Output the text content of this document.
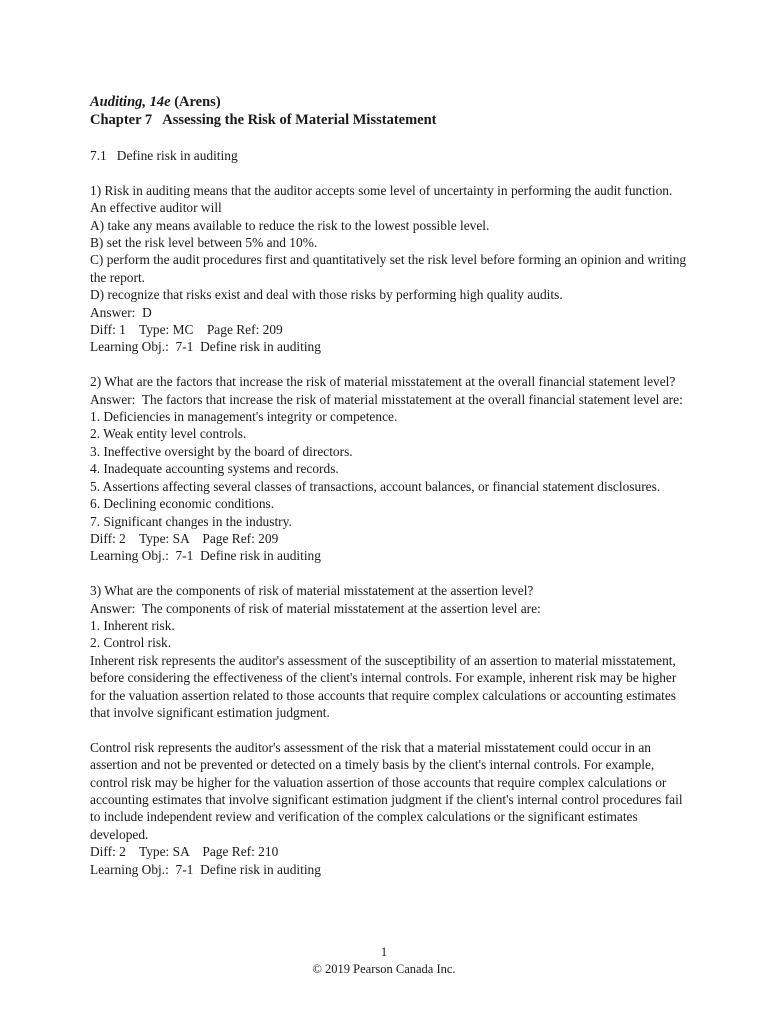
Auditing, 14e (Arens)
Chapter 7   Assessing the Risk of Material Misstatement
7.1   Define risk in auditing
1) Risk in auditing means that the auditor accepts some level of uncertainty in performing the audit function. An effective auditor will
A) take any means available to reduce the risk to the lowest possible level.
B) set the risk level between 5% and 10%.
C) perform the audit procedures first and quantitatively set the risk level before forming an opinion and writing the report.
D) recognize that risks exist and deal with those risks by performing high quality audits.
Answer:  D
Diff: 1    Type: MC    Page Ref: 209
Learning Obj.:  7-1  Define risk in auditing
2) What are the factors that increase the risk of material misstatement at the overall financial statement level?
Answer:  The factors that increase the risk of material misstatement at the overall financial statement level are:
1. Deficiencies in management's integrity or competence.
2. Weak entity level controls.
3. Ineffective oversight by the board of directors.
4. Inadequate accounting systems and records.
5. Assertions affecting several classes of transactions, account balances, or financial statement disclosures.
6. Declining economic conditions.
7. Significant changes in the industry.
Diff: 2    Type: SA    Page Ref: 209
Learning Obj.:  7-1  Define risk in auditing
3) What are the components of risk of material misstatement at the assertion level?
Answer:  The components of risk of material misstatement at the assertion level are:
1. Inherent risk.
2. Control risk.
Inherent risk represents the auditor's assessment of the susceptibility of an assertion to material misstatement, before considering the effectiveness of the client's internal controls. For example, inherent risk may be higher for the valuation assertion related to those accounts that require complex calculations or accounting estimates that involve significant estimation judgment.
Control risk represents the auditor's assessment of the risk that a material misstatement could occur in an assertion and not be prevented or detected on a timely basis by the client's internal controls. For example, control risk may be higher for the valuation assertion of those accounts that require complex calculations or accounting estimates that involve significant estimation judgment if the client's internal control procedures fail to include independent review and verification of the complex calculations or the significant estimates developed.
Diff: 2    Type: SA    Page Ref: 210
Learning Obj.:  7-1  Define risk in auditing
1
© 2019 Pearson Canada Inc.
